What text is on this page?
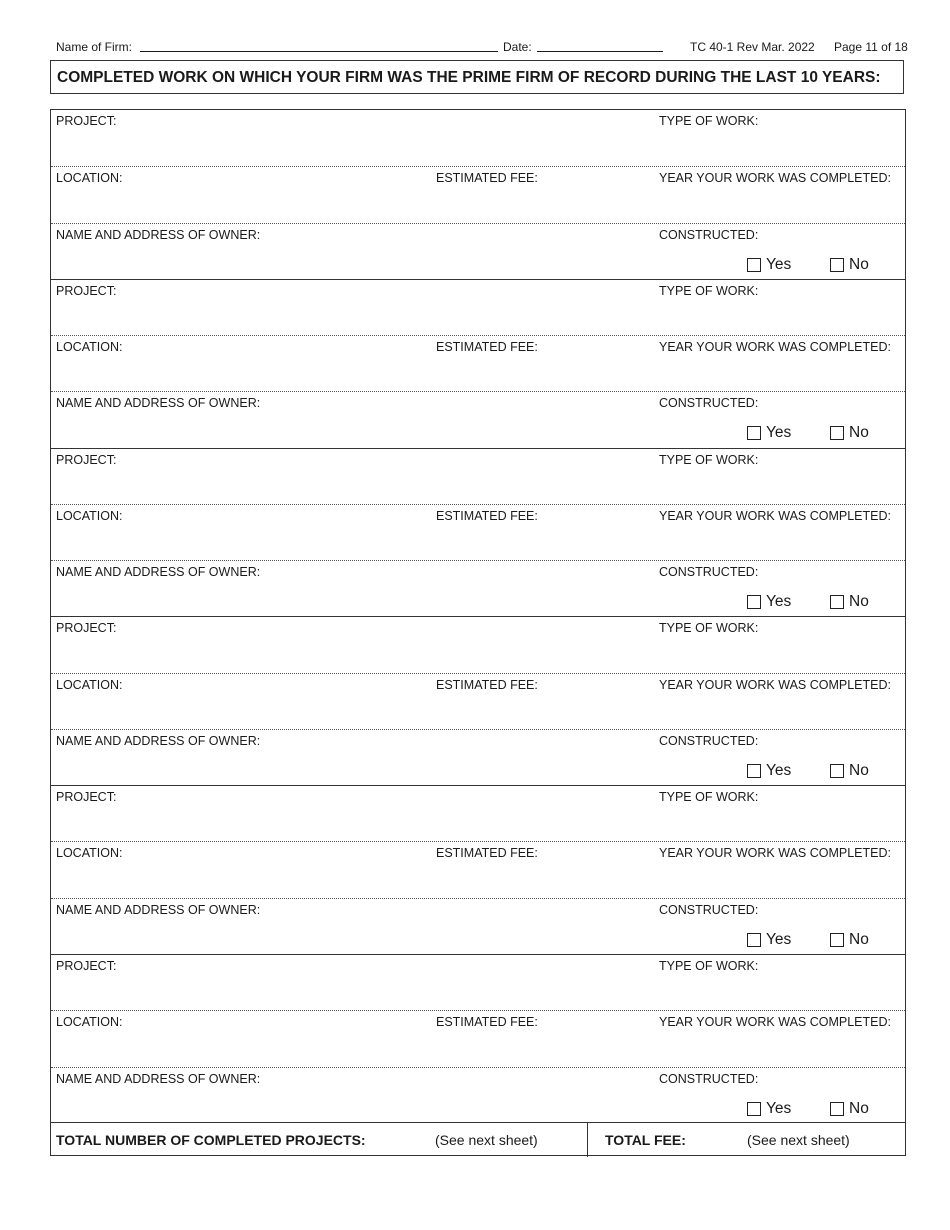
Name of Firm:	Date:	TC 40-1 Rev Mar. 2022 Page 11 of 18
COMPLETED WORK ON WHICH YOUR FIRM WAS THE PRIME FIRM OF RECORD DURING THE LAST 10 YEARS:
PROJECT:	TYPE OF WORK:
LOCATION:	ESTIMATED FEE:	YEAR YOUR WORK WAS COMPLETED:
NAME AND ADDRESS OF OWNER:	CONSTRUCTED:
Yes	No
PROJECT:	TYPE OF WORK:
LOCATION:	ESTIMATED FEE:	YEAR YOUR WORK WAS COMPLETED:
NAME AND ADDRESS OF OWNER:	CONSTRUCTED:
Yes	No
PROJECT:	TYPE OF WORK:
LOCATION:	ESTIMATED FEE:	YEAR YOUR WORK WAS COMPLETED:
NAME AND ADDRESS OF OWNER:	CONSTRUCTED:
Yes	No
PROJECT:	TYPE OF WORK:
LOCATION:	ESTIMATED FEE:	YEAR YOUR WORK WAS COMPLETED:
NAME AND ADDRESS OF OWNER:	CONSTRUCTED:
Yes	No
PROJECT:	TYPE OF WORK:
LOCATION:	ESTIMATED FEE:	YEAR YOUR WORK WAS COMPLETED:
NAME AND ADDRESS OF OWNER:	CONSTRUCTED:
Yes	No
PROJECT:	TYPE OF WORK:
LOCATION:	ESTIMATED FEE:	YEAR YOUR WORK WAS COMPLETED:
NAME AND ADDRESS OF OWNER:	CONSTRUCTED:
Yes	No
TOTAL NUMBER OF COMPLETED PROJECTS:	(See next sheet)	TOTAL FEE:	(See next sheet)
